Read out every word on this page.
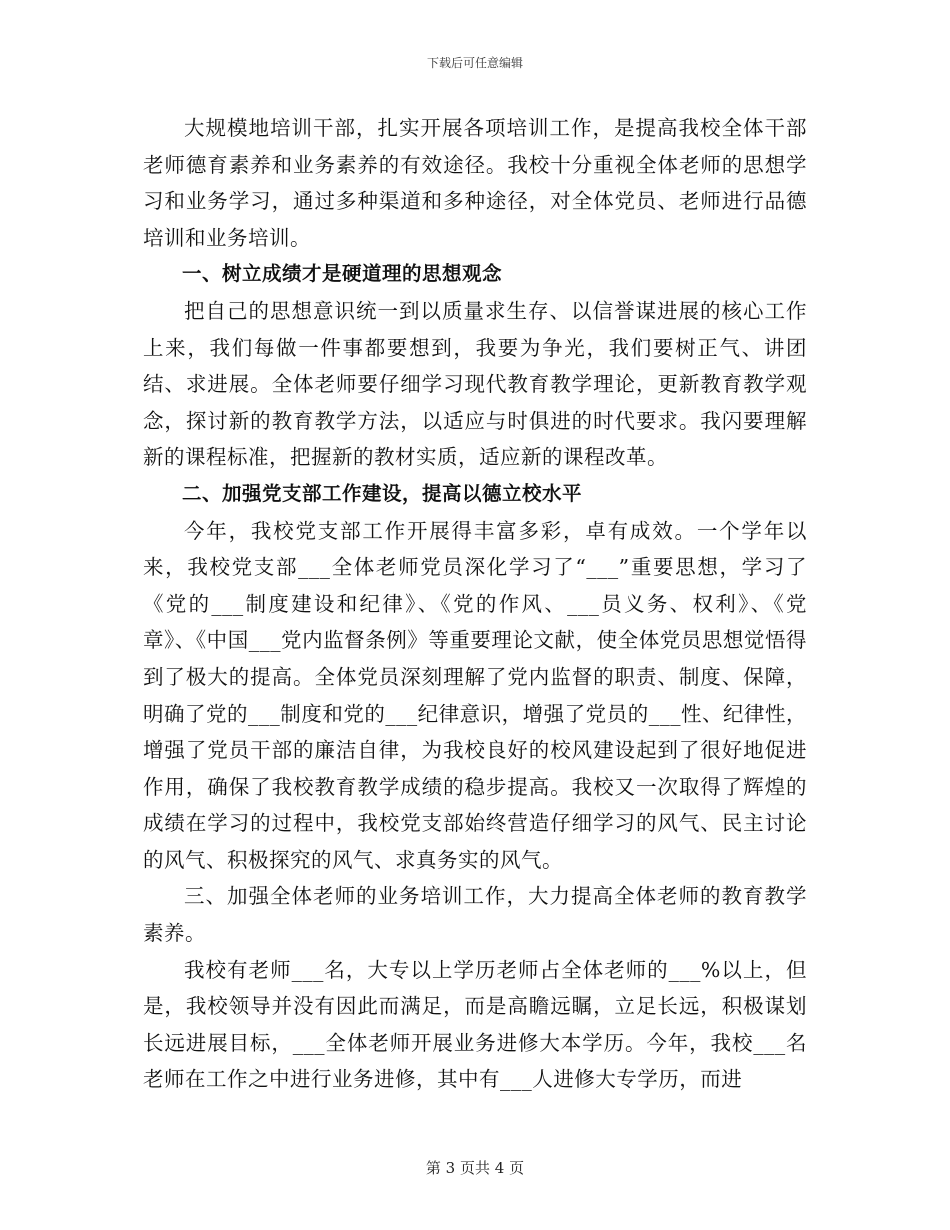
下载后可任意编辑

大规模地培训干部，扎实开展各项培训工作，是提高我校全体干部老师德育素养和业务素养的有效途径。我校十分重视全体老师的思想学习和业务学习，通过多种渠道和多种途径，对全体党员、老师进行品德培训和业务培训。

一、树立成绩才是硬道理的思想观念

把自己的思想意识统一到以质量求生存、以信誉谋进展的核心工作上来，我们每做一件事都要想到，我要为争光，我们要树正气、讲团结、求进展。全体老师要仔细学习现代教育教学理论，更新教育教学观念，探讨新的教育教学方法，以适应与时俱进的时代要求。我闪要理解新的课程标准，把握新的教材实质，适应新的课程改革。

二、加强党支部工作建设，提高以德立校水平

今年，我校党支部工作开展得丰富多彩，卓有成效。一个学年以来，我校党支部___全体老师党员深化学习了“___”重要思想，学习了《党的___制度建设和纪律》、《党的作风、___员义务、权利》、《党章》、《中国___党内监督条例》等重要理论文献，使全体党员思想觉悟得到了极大的提高。全体党员深刻理解了党内监督的职责、制度、保障，明确了党的___制度和党的___纪律意识，增强了党员的___性、纪律性，增强了党员干部的廉洁自律，为我校良好的校风建设起到了很好地促进作用，确保了我校教育教学成绩的稳步提高。我校又一次取得了辉煌的成绩在学习的过程中，我校党支部始终营造仔细学习的风气、民主讨论的风气、积极探究的风气、求真务实的风气。

三、加强全体老师的业务培训工作，大力提高全体老师的教育教学素养。

我校有老师___名，大专以上学历老师占全体老师的___%以上，但是，我校领导并没有因此而满足，而是高瞻远瞩，立足长远，积极谋划长远进展目标，___全体老师开展业务进修大本学历。今年，我校___名老师在工作之中进行业务进修，其中有___人进修大专学历，而进

第 3 页共 4 页
